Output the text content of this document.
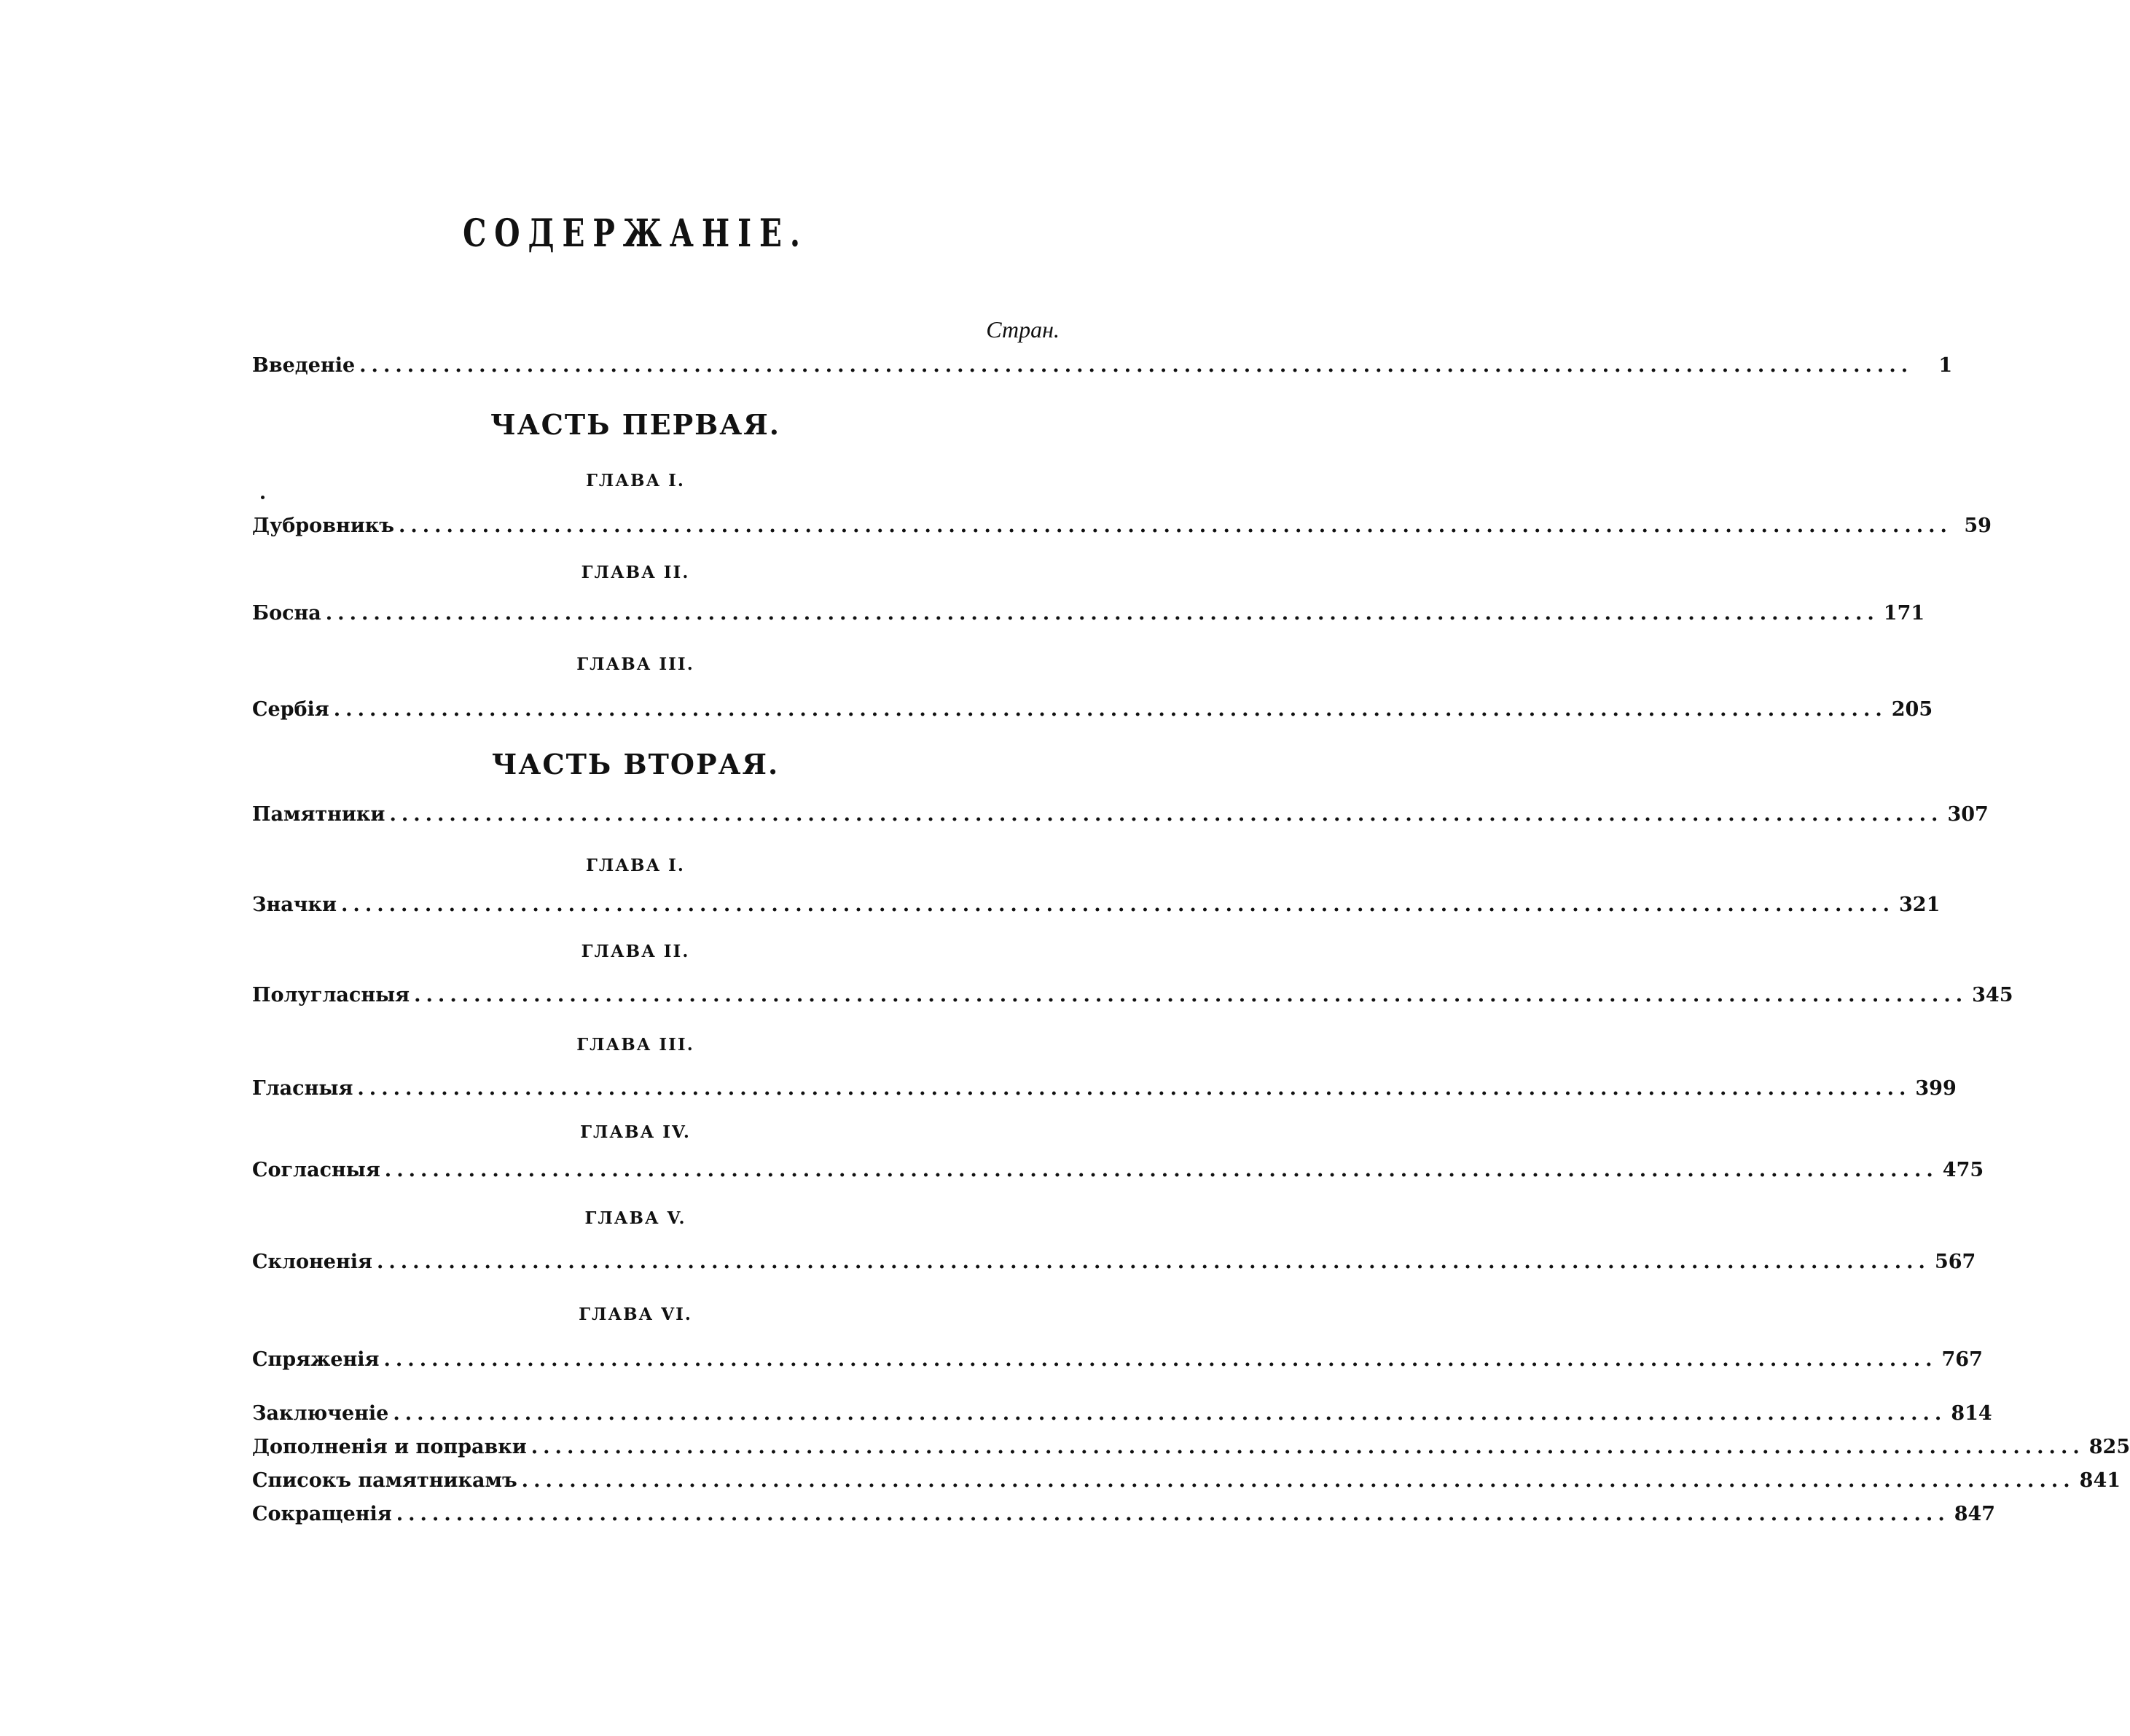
СОДЕРЖАНІЕ.
Стран.
Введеніе ..................................................................................................................................	1
ЧАСТЬ ПЕРВАЯ.
ГЛАВА I.
Дубровникъ .................................................................................................................................. 59
ГЛАВА II.
Босна .................................................................................................................................. 171
ГЛАВА III.
Сербія .................................................................................................................................. 205
ЧАСТЬ ВТОРАЯ.
Памятники .................................................................................................................................. 307
ГЛАВА I.
Значки .................................................................................................................................. 321
ГЛАВА II.
Полугласныя .................................................................................................................................. 345
ГЛАВА III.
Гласныя .................................................................................................................................. 399
ГЛАВА IV.
Согласныя .................................................................................................................................. 475
ГЛАВА V.
Склоненія .................................................................................................................................. 567
ГЛАВА VI.
Спряженія .................................................................................................................................. 767
Заключеніе .................................................................................................................................. 814
Дополненія и поправки .................................................................................................................................. 825
Списокъ памятникамъ .................................................................................................................................. 841
Сокращенія .................................................................................................................................. 847
